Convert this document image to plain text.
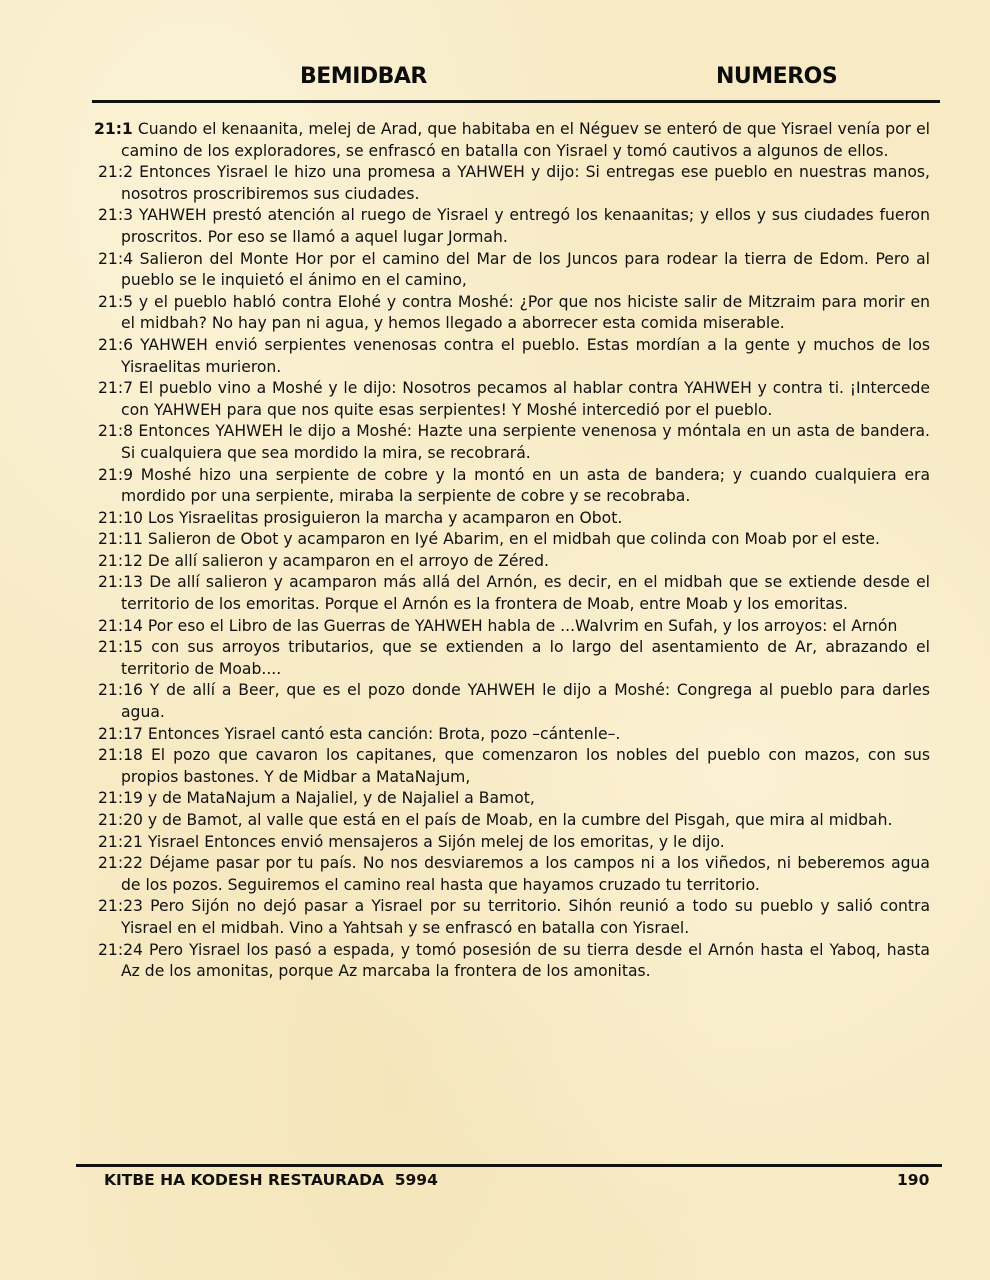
BEMIDBAR	NUMEROS

21:1 Cuando el kenaanita, melej de Arad, que habitaba en el Néguev se enteró de que Yisrael venía por el camino de los exploradores, se enfrascó en batalla con Yisrael y tomó cautivos a algunos de ellos.

21:2 Entonces Yisrael le hizo una promesa a YAHWEH y dijo: Si entregas ese pueblo en nuestras manos, nosotros proscribiremos sus ciudades.

21:3 YAHWEH prestó atención al ruego de Yisrael y entregó los kenaanitas; y ellos y sus ciudades fueron proscritos. Por eso se llamó a aquel lugar Jormah.

21:4 Salieron del Monte Hor por el camino del Mar de los Juncos para rodear la tierra de Edom. Pero al pueblo se le inquietó el ánimo en el camino,

21:5 y el pueblo habló contra Elohé y contra Moshé: ¿Por que nos hiciste salir de Mitzraim para morir en el midbah? No hay pan ni agua, y hemos llegado a aborrecer esta comida miserable.

21:6 YAHWEH envió serpientes venenosas contra el pueblo. Estas mordían a la gente y muchos de los Yisraelitas murieron.

21:7 El pueblo vino a Moshé y le dijo: Nosotros pecamos al hablar contra YAHWEH y contra ti. ¡Intercede con YAHWEH para que nos quite esas serpientes! Y Moshé intercedió por el pueblo.

21:8 Entonces YAHWEH le dijo a Moshé: Hazte una serpiente venenosa y móntala en un asta de bandera. Si cualquiera que sea mordido la mira, se recobrará.

21:9 Moshé hizo una serpiente de cobre y la montó en un asta de bandera; y cuando cualquiera era mordido por una serpiente, miraba la serpiente de cobre y se recobraba.

21:10 Los Yisraelitas prosiguieron la marcha y acamparon en Obot.

21:11 Salieron de Obot y acamparon en Iyé Abarim, en el midbah que colinda con Moab por el este.

21:12 De allí salieron y acamparon en el arroyo de Zéred.

21:13 De allí salieron y acamparon más allá del Arnón, es decir, en el midbah que se extiende desde el territorio de los emoritas. Porque el Arnón es la frontera de Moab, entre Moab y los emoritas.

21:14 Por eso el Libro de las Guerras de YAHWEH habla de ...WaIvrim en Sufah, y los arroyos: el Arnón

21:15 con sus arroyos tributarios, que se extienden a lo largo del asentamiento de Ar, abrazando el territorio de Moab....

21:16 Y de allí a Beer, que es el pozo donde YAHWEH le dijo a Moshé: Congrega al pueblo para darles agua.

21:17 Entonces Yisrael cantó esta canción: Brota, pozo –cántenle–.

21:18 El pozo que cavaron los capitanes, que comenzaron los nobles del pueblo con mazos, con sus propios bastones. Y de Midbar a MataNajum,

21:19 y de MataNajum a Najaliel, y de Najaliel a Bamot,

21:20 y de Bamot, al valle que está en el país de Moab, en la cumbre del Pisgah, que mira al midbah.

21:21 Yisrael Entonces envió mensajeros a Sijón melej de los emoritas, y le dijo.

21:22 Déjame pasar por tu país. No nos desviaremos a los campos ni a los viñedos, ni beberemos agua de los pozos. Seguiremos el camino real hasta que hayamos cruzado tu territorio.

21:23 Pero Sijón no dejó pasar a Yisrael por su territorio. Sihón reunió a todo su pueblo y salió contra Yisrael en el midbah. Vino a Yahtsah y se enfrascó en batalla con Yisrael.

21:24 Pero Yisrael los pasó a espada, y tomó posesión de su tierra desde el Arnón hasta el Yaboq, hasta Az de los amonitas, porque Az marcaba la frontera de los amonitas.

KITBE HA KODESH RESTAURADA  5994	190
